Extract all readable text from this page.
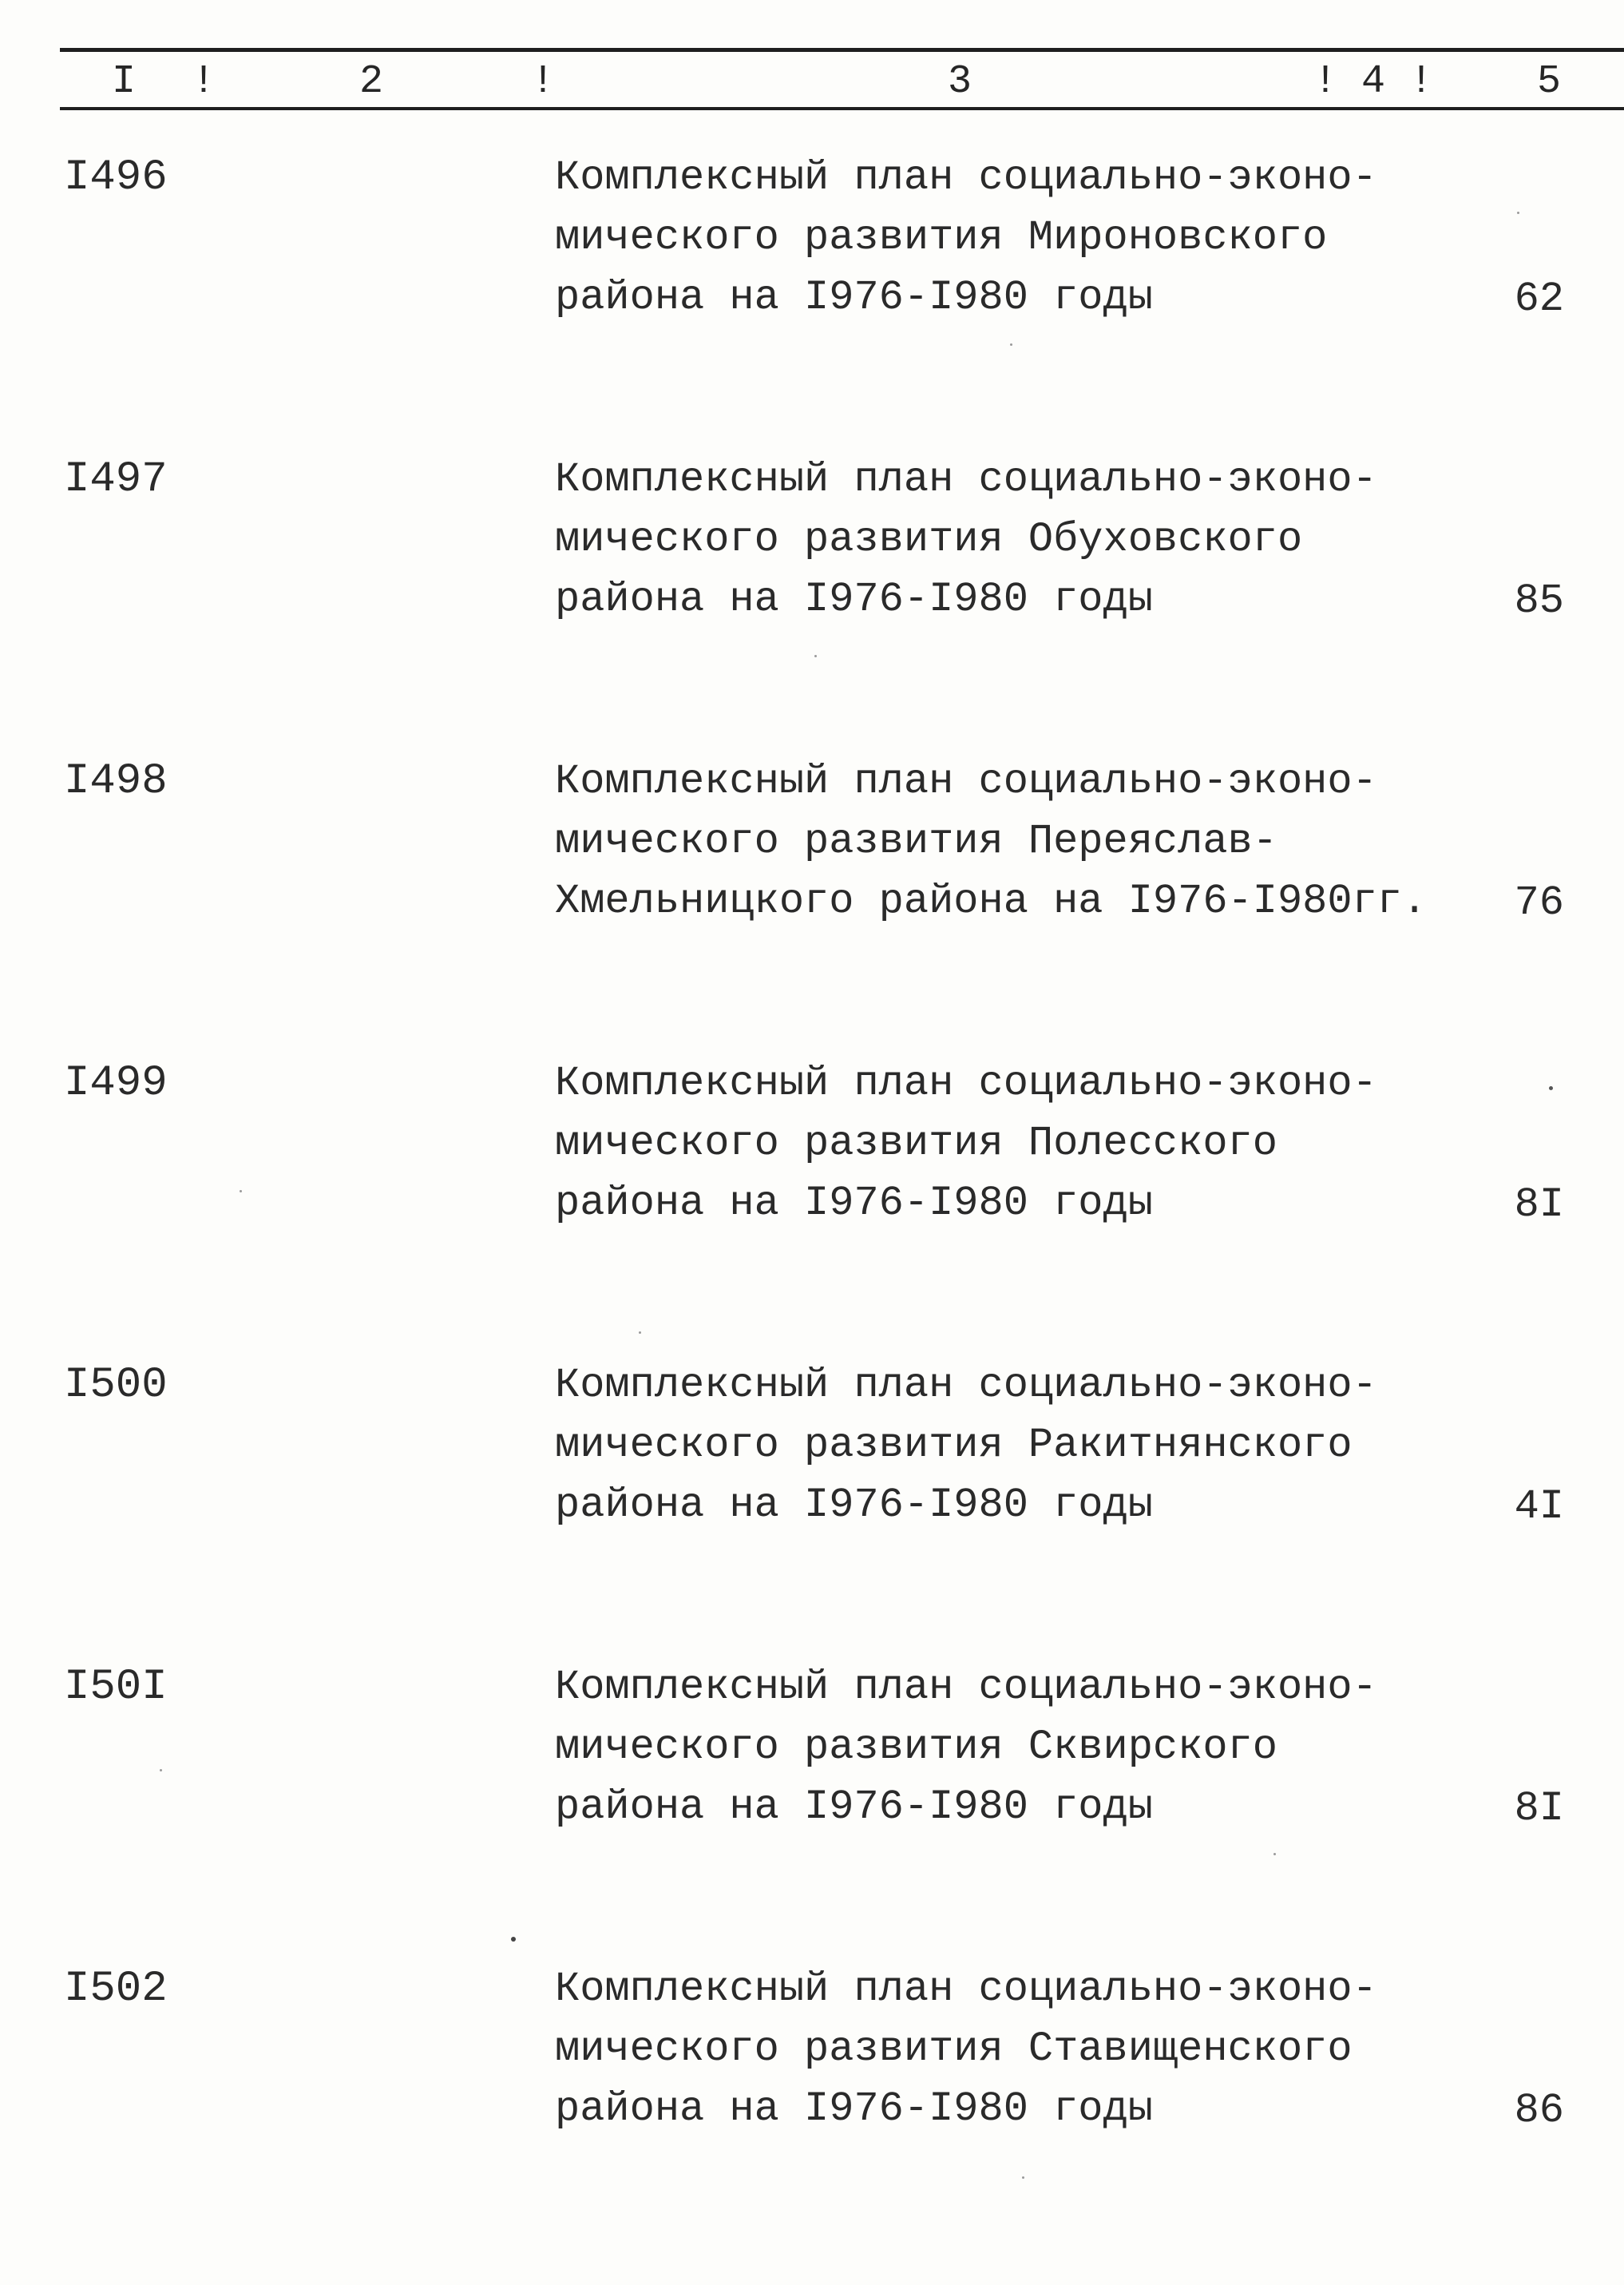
I !	2	!	3	! 4 !	5
I496	Комплексный план социально-эконо-
мического развития Мироновского
района на I976-I980 годы	62
I497	Комплексный план социально-эконо-
мического развития Обуховского
района на I976-I980 годы	85
I498	Комплексный план социально-эконо-
мического развития Переяслав-
Хмельницкого района на I976-I980гг. 76
I499	Комплексный план социально-эконо-
мического развития Полесского
района на I976-I980 годы	8I
I500	Комплексный план социально-эконо-
мического развития Ракитнянского
района на I976-I980 годы	4I
I50I	Комплексный план социально-эконо-
мического развития Сквирского
района на I976-I980 годы	8I
I502	Комплексный план социально-эконо-
мического развития Ставищенского
района на I976-I980 годы	86
